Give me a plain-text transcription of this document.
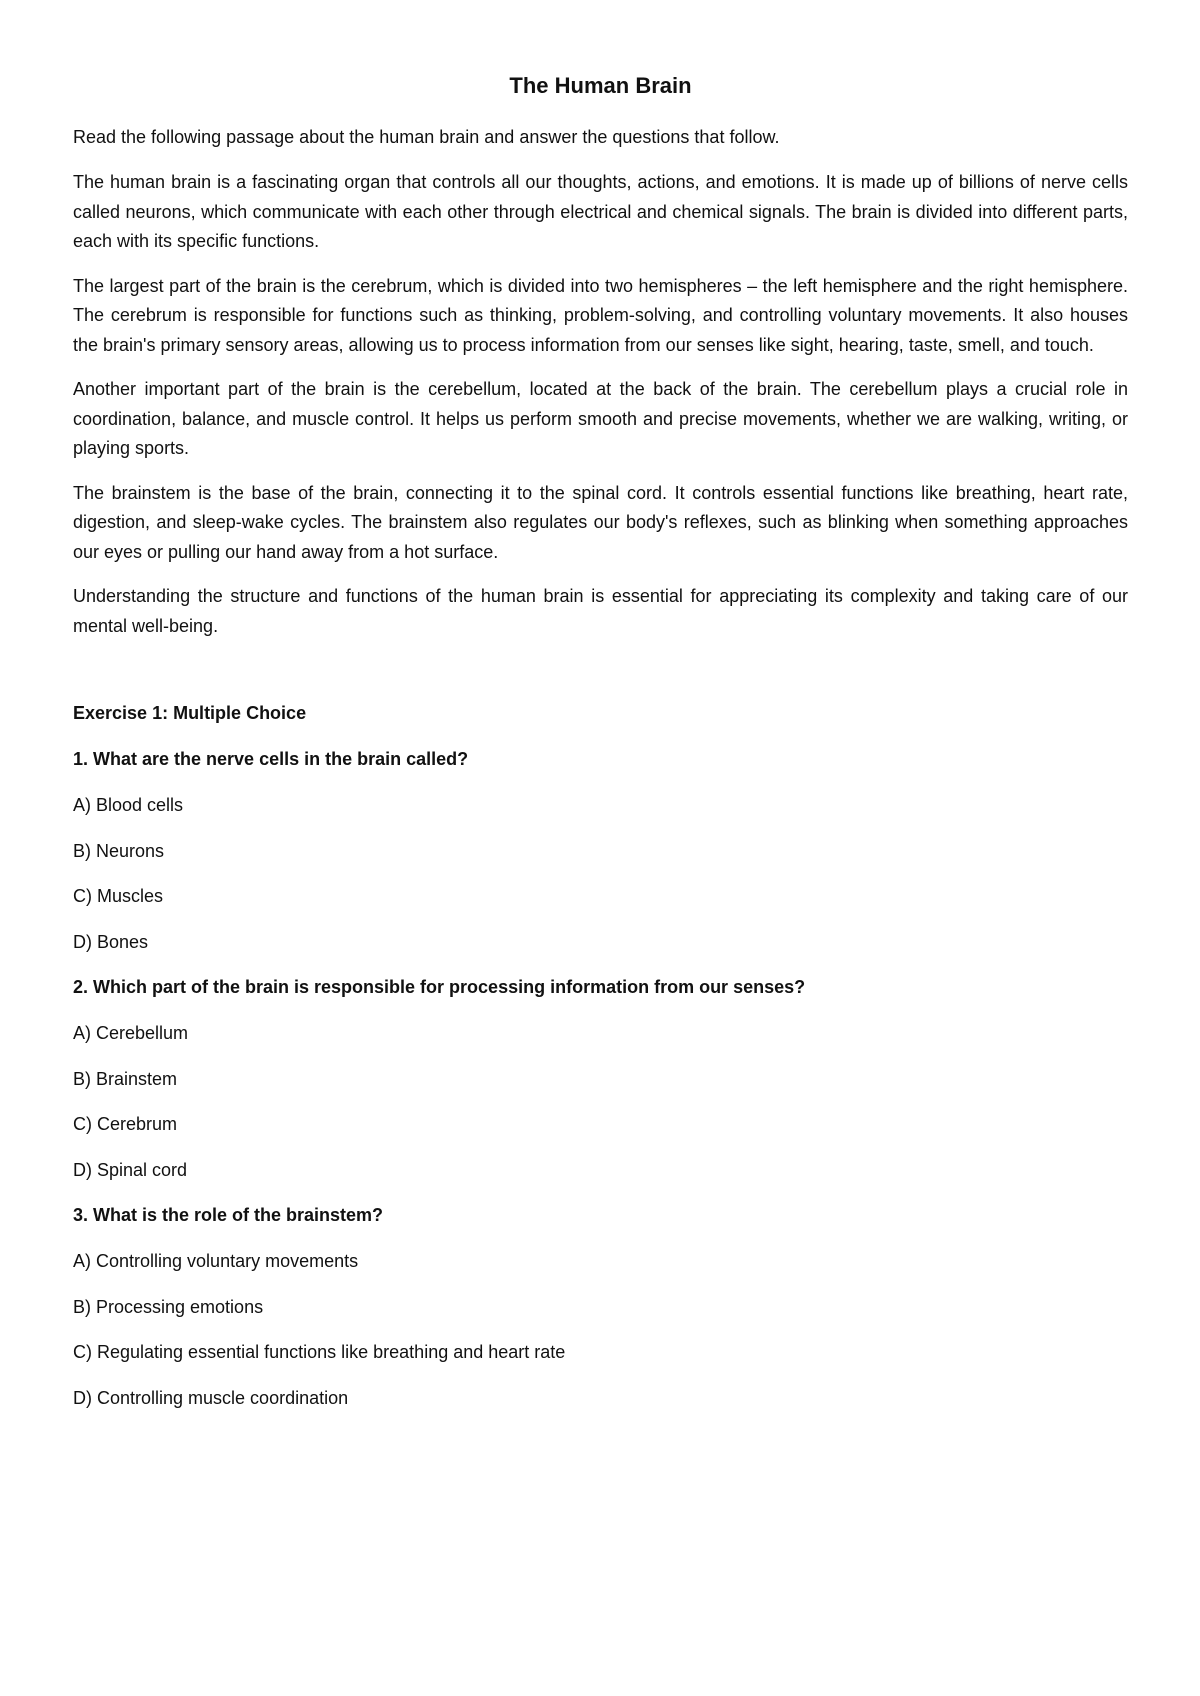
The Human Brain

Read the following passage about the human brain and answer the questions that follow.

The human brain is a fascinating organ that controls all our thoughts, actions, and emotions. It is made up of billions of nerve cells called neurons, which communicate with each other through electrical and chemical signals. The brain is divided into different parts, each with its specific functions.

The largest part of the brain is the cerebrum, which is divided into two hemispheres – the left hemisphere and the right hemisphere. The cerebrum is responsible for functions such as thinking, problem-solving, and controlling voluntary movements. It also houses the brain's primary sensory areas, allowing us to process information from our senses like sight, hearing, taste, smell, and touch.

Another important part of the brain is the cerebellum, located at the back of the brain. The cerebellum plays a crucial role in coordination, balance, and muscle control. It helps us perform smooth and precise movements, whether we are walking, writing, or playing sports.

The brainstem is the base of the brain, connecting it to the spinal cord. It controls essential functions like breathing, heart rate, digestion, and sleep-wake cycles. The brainstem also regulates our body's reflexes, such as blinking when something approaches our eyes or pulling our hand away from a hot surface.

Understanding the structure and functions of the human brain is essential for appreciating its complexity and taking care of our mental well-being.

Exercise 1: Multiple Choice
1. What are the nerve cells in the brain called?
A) Blood cells
B) Neurons
C) Muscles
D) Bones
2. Which part of the brain is responsible for processing information from our senses?
A) Cerebellum
B) Brainstem
C) Cerebrum
D) Spinal cord
3. What is the role of the brainstem?
A) Controlling voluntary movements
B) Processing emotions
C) Regulating essential functions like breathing and heart rate
D) Controlling muscle coordination
